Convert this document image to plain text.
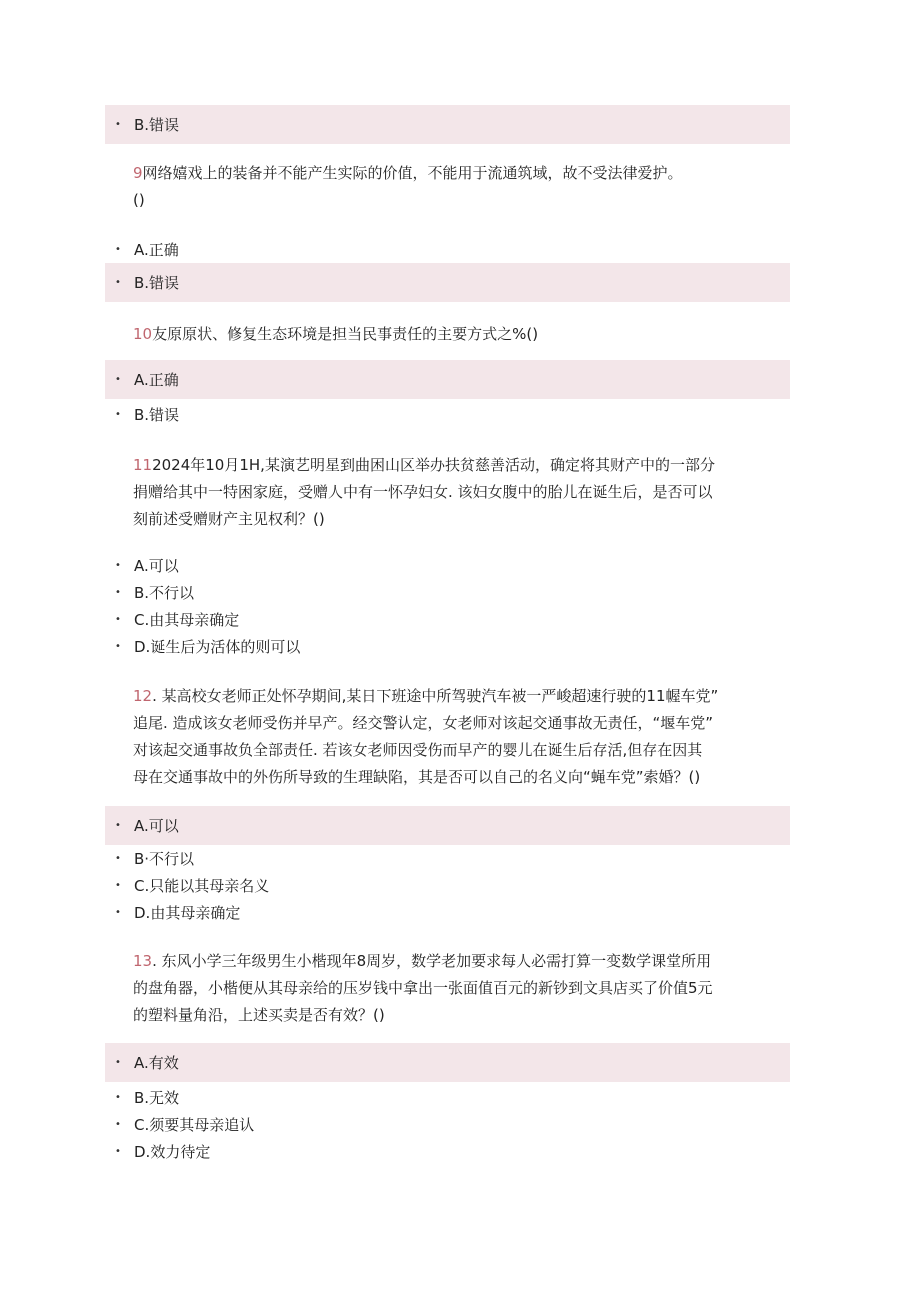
• B.错误
9网络嬉戏上的装备并不能产生实际的价值，不能用于流通筑域，故不受法律爱护。
()
• A.正确
• B.错误
10友原原状、修复生态环境是担当民事责任的主要方式之%()
• A.正确
• B.错误
112024年10月1H,某演艺明星到曲困山区举办扶贫慈善活动，确定将其财产中的一部分
捐赠给其中一特困家庭，受赠人中有一怀孕妇女. 该妇女腹中的胎儿在诞生后，是否可以
刻前述受赠财产主见权利？()
• A.可以
• B.不行以
• C.由其母亲确定
• D.诞生后为活体的则可以
12. 某高校女老师正处怀孕期间,某日下班途中所驾驶汽车被一严峻超速行驶的11幄车党”
追尾. 造成该女老师受伤并早产。经交警认定，女老师对该起交通事故无责任，“堰车党”
对该起交通事故负全部责任. 若该女老师因受伤而早产的婴儿在诞生后存活,但存在因其
母在交通事故中的外伤所导致的生理缺陷，其是否可以自己的名义向“蝇车党”索婚？()
• A.可以
• B·不行以
• C.只能以其母亲名义
• D.由其母亲确定
13. 东风小学三年级男生小楷现年8周岁，数学老加要求每人必需打算一变数学课堂所用
的盘角器，小楷便从其母亲给的压岁钱中拿出一张面值百元的新钞到文具店买了价值5元
的塑料量角沿，上述买卖是否有效？()
• A.有效
• B.无效
• C.须要其母亲追认
• D.效力待定
